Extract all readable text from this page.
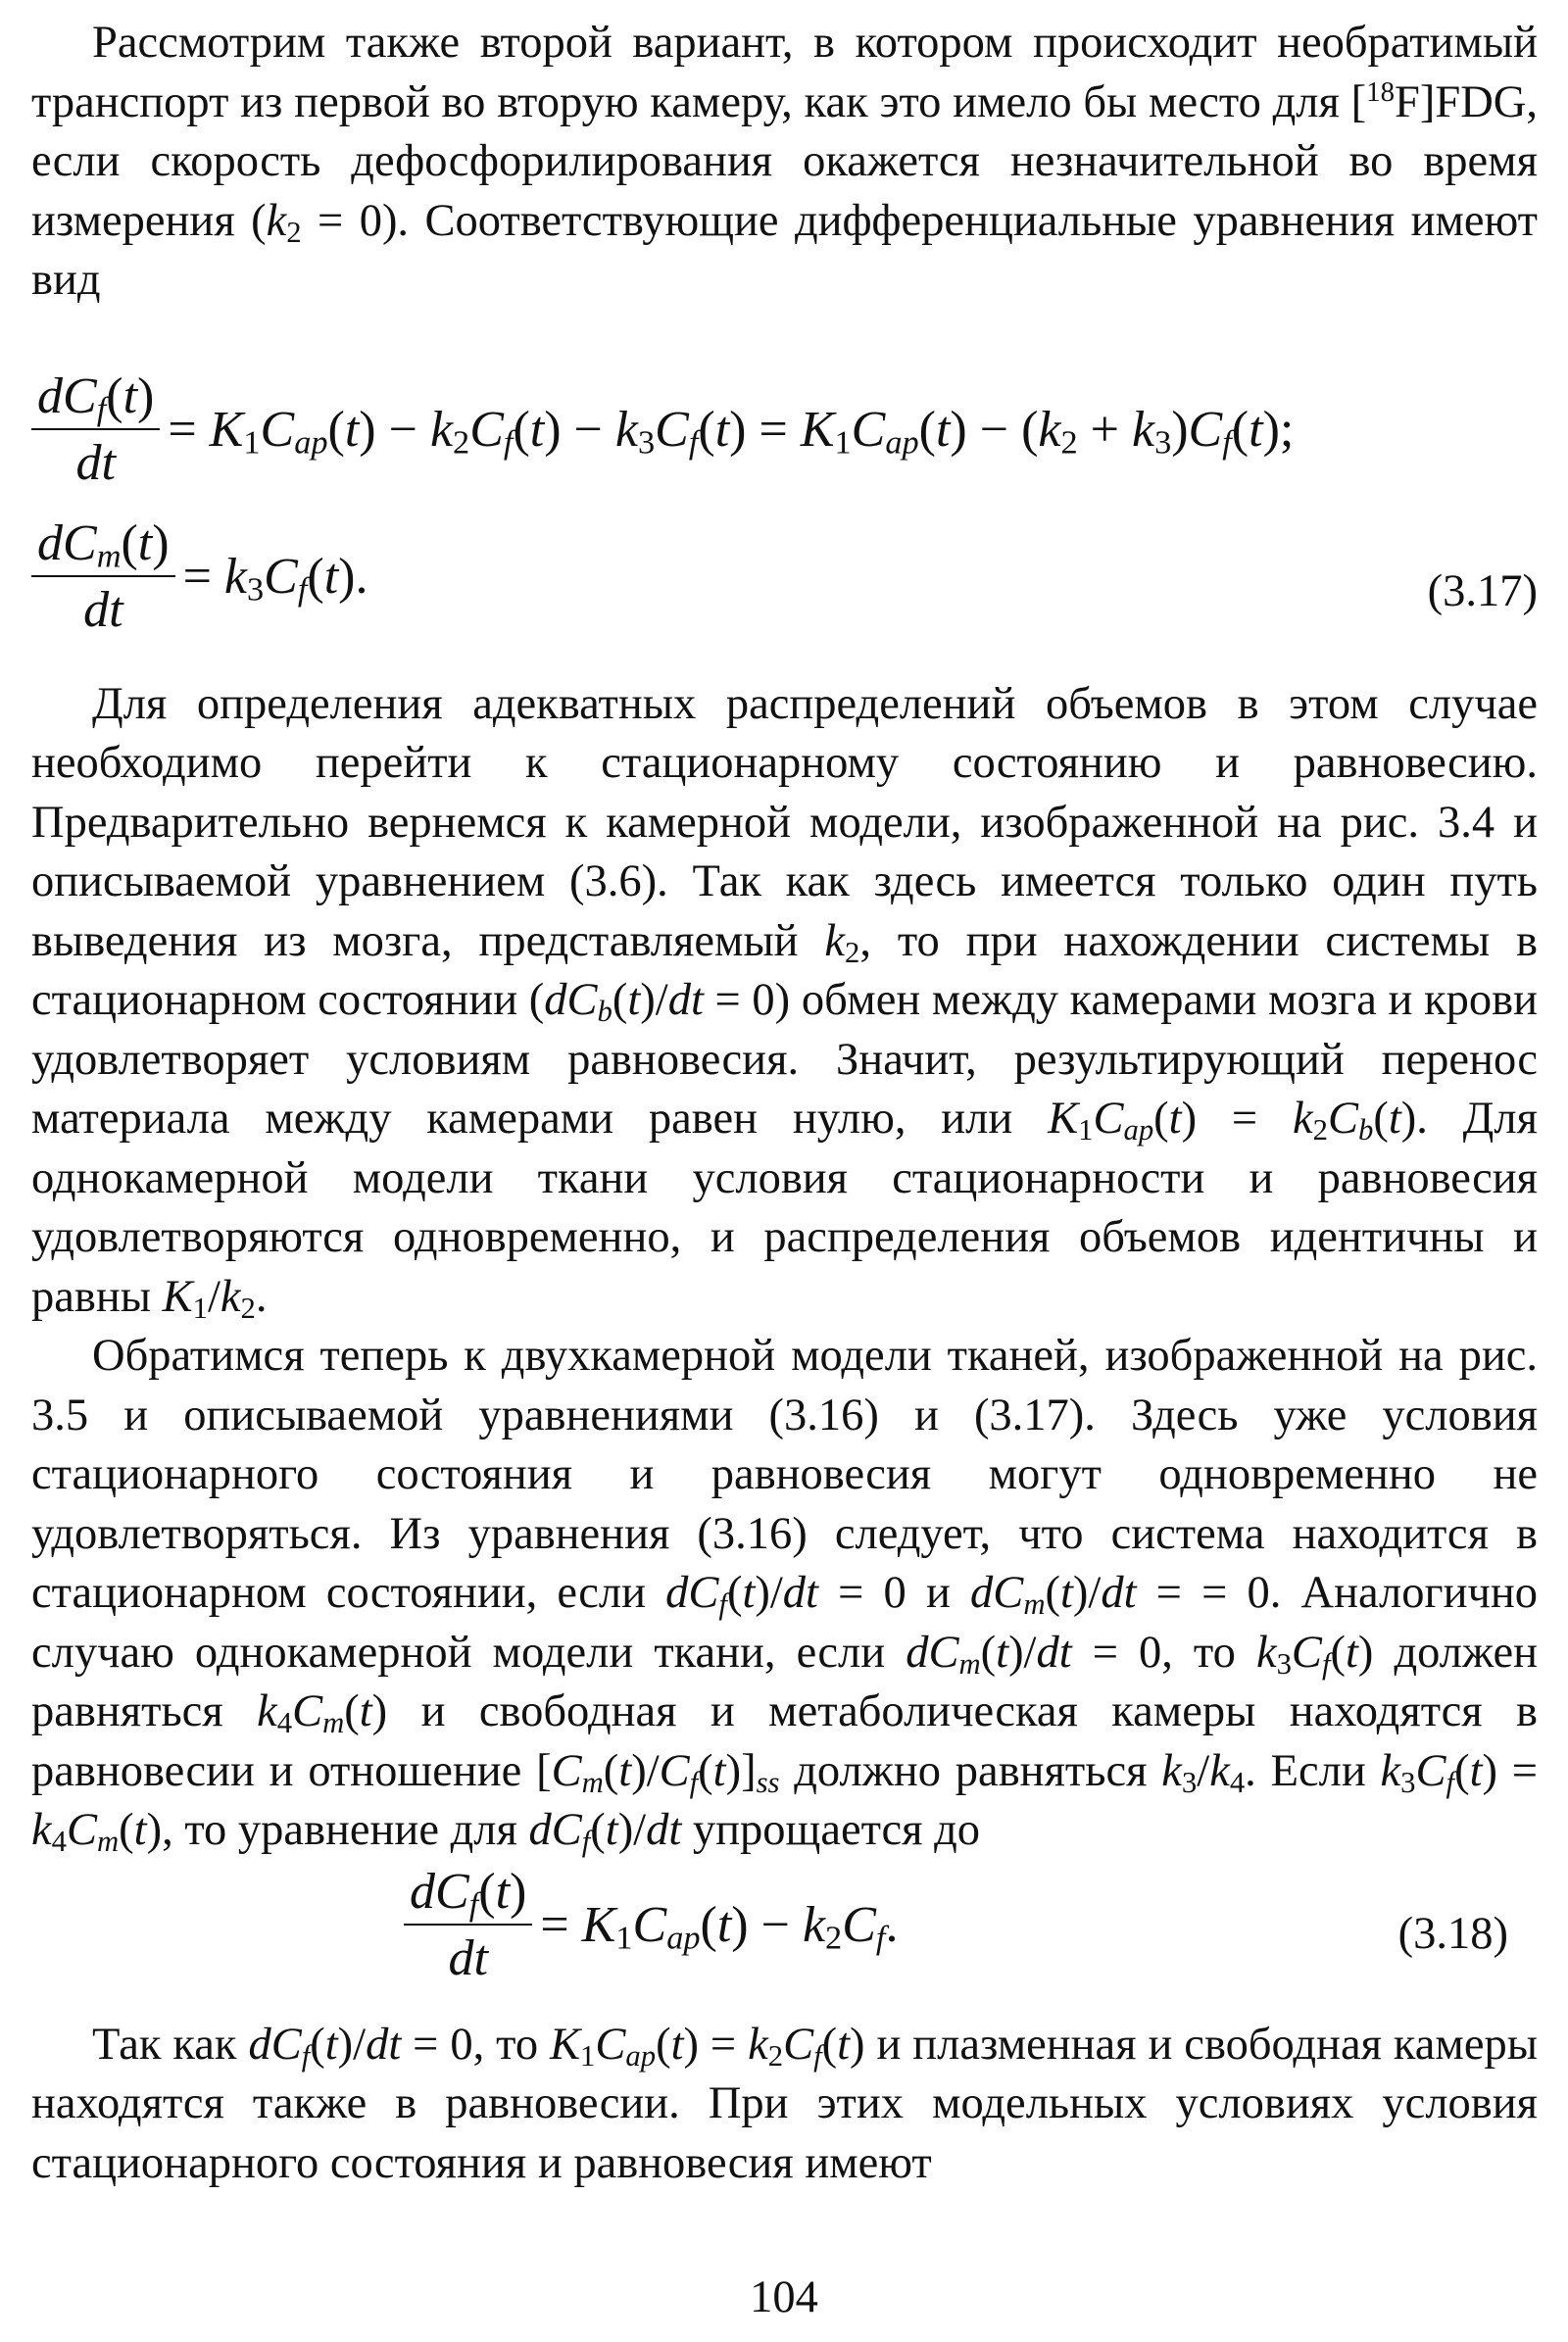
Рассмотрим также второй вариант, в котором происходит необратимый транспорт из первой во вторую камеру, как это имело бы место для [$^{18}$F]FDG, если скорость дефосфорилирования окажется незначительной во время измерения $(k_2 = 0)$. Соответствующие дифференциальные уравнения имеют вид

$\frac{dC_f(t)}{dt} = K_1C_{ap}(t) - k_2C_f(t) - k_3C_f(t) = K_1C_{ap}(t) - (k_2 + k_3)C_f(t)$;
$\frac{dC_m(t)}{dt} = k_3C_f(t)$.	(3.17)

Для определения адекватных распределений объемов в этом случае необходимо перейти к стационарному состоянию и равновесию. Предварительно вернемся к камерной модели, изображенной на рис. 3.4 и описываемой уравнением (3.6). Так как здесь имеется только один путь выведения из мозга, представляемый $k_2$, то при нахождении системы в стационарном состоянии $(dC_b(t)/dt = 0)$ обмен между камерами мозга и крови удовлетворяет условиям равновесия. Значит, результирующий перенос материала между камерами равен нулю, или $K_1C_{ap}(t) = k_2C_b(t)$. Для однокамерной модели ткани условия стационарности и равновесия удовлетворяются одновременно, и распределения объемов идентичны и равны $K_1/k_2$.

Обратимся теперь к двухкамерной модели тканей, изображенной на рис. 3.5 и описываемой уравнениями (3.16) и (3.17). Здесь уже условия стационарного состояния и равновесия могут одновременно не удовлетворяться. Из уравнения (3.16) следует, что система находится в стационарном состоянии, если $dC_f(t)/dt = 0$ и $dC_m(t)/dt$ = = 0. Аналогично случаю однокамерной модели ткани, если $dC_m(t)/dt = 0$, то $k_3C_f(t)$ должен равняться $k_4C_m(t)$ и свободная и метаболическая камеры находятся в равновесии и отношение $[C_m(t)/C_f(t)]_{ss}$ должно равняться $k_3/k_4$. Если $k_3C_f(t) = k_4C_m(t)$, то уравнение для $dC_f(t)/dt$ упрощается до

$\frac{dC_f(t)}{dt} = K_1C_{ap}(t) - k_2C_f$.	(3.18)

Так как $dC_f(t)/dt = 0$, то $K_1C_{ap}(t) = k_2C_f(t)$ и плазменная и свободная камеры находятся также в равновесии. При этих модельных условиях условия стационарного состояния и равновесия имеют

104
